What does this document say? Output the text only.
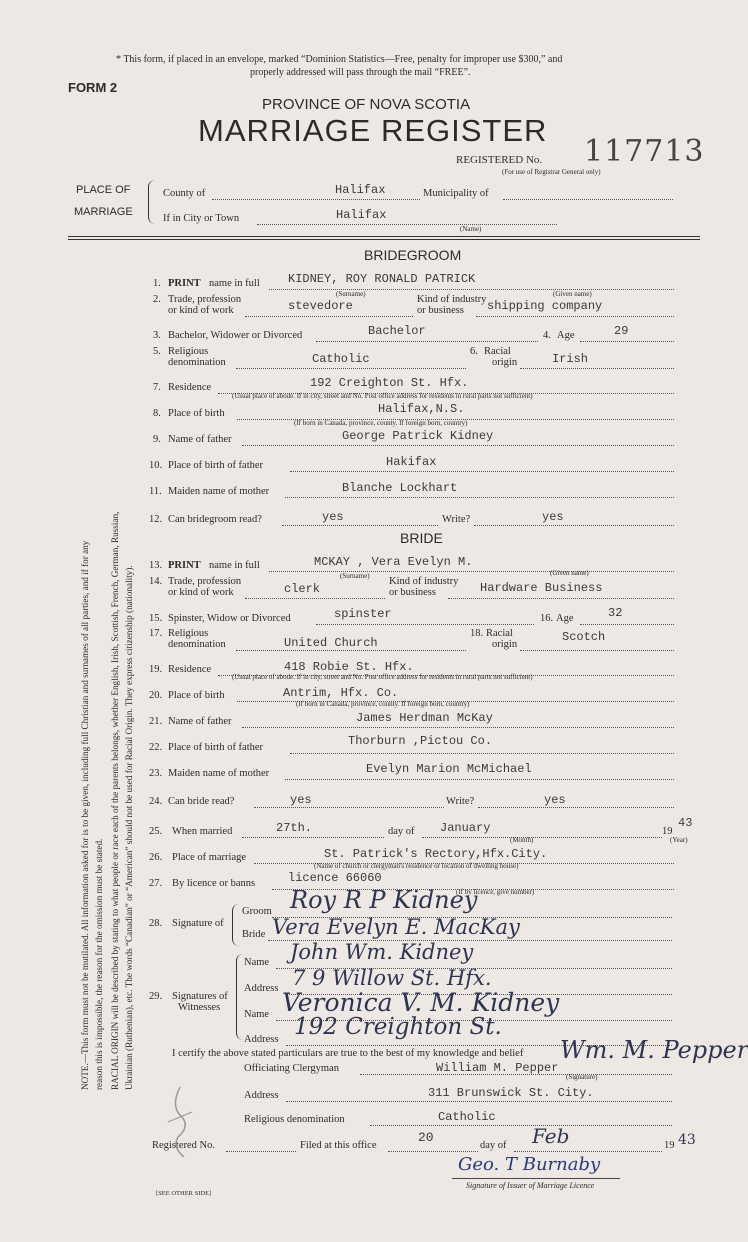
* This form, if placed in an envelope, marked “Dominion Statistics—Free, penalty for improper use $300,” and
properly addressed will pass through the mail “FREE”.
FORM 2
PROVINCE OF NOVA SCOTIA
MARRIAGE REGISTER
REGISTERED No. 117713
(For use of Registrar General only)
PLACE OF
MARRIAGE
County of	Halifax	Municipality of
If in City or Town	Halifax
(Name)
BRIDEGROOM
1. PRINT name in full KIDNEY, ROY RONALD PATRICK
(Surname)	(Given name)
2. Trade, profession
or kind of work	stevedore	Kind of industry
or business shipping company
3. Bachelor, Widower or Divorced	Bachelor	4. Age	29
5. Religious
denomination	Catholic
6. Racial
origin	Irish
7. Residence	192 Creighton St. Hfx.
(Usual place of abode. If in city, street and No. Post office address for residents in rural parts not sufficient)
8. Place of birth	Halifax,N.S.
(If born in Canada, province, county. If foreign born, country)
9. Name of father	George Patrick Kidney
10. Place of birth of father	Hakifax
11. Maiden name of mother	Blanche Lockhart
12. Can bridegroom read?	yes	Write?	yes
BRIDE
13. PRINT name in full	MCKAY , Vera Evelyn M.
(Surname)	(Given name)
14. Trade, profession
or kind of work	clerk
Kind of industry
or business	Hardware Business
15. Spinster, Widow or Divorced	spinster	16. Age	32
17. Religious
denomination	United Church
18. Racial
origin
Scotch
19. Residence	418 Robie St. Hfx.
(Usual place of abode. If in city, street and No. Post office address for residents in rural parts not sufficient)
20. Place of birth	Antrim, Hfx. Co.
(If born in Canada, province, county. If foreign born, country)
21. Name of father	James Herdman McKay
22. Place of birth of father	Thorburn ,Pictou Co.
23. Maiden name of mother	Evelyn Marion McMichael
24. Can bride read?	yes	Write?	yes
25. When married	27th.	day of January
(Month)
19
43
(Year)
26. Place of marriage	St. Patrick's Rectory,Hfx.City.
(Name of church or clergyman's residence or location of dwelling house)
27. By licence or banns	licence 66060
(If by licence, give number)
28. Signature of
Groom Roy R P Kidney
Bride Vera Evelyn E. MacKay
29. Signatures of
Witnesses
Name John Wm. Kidney
Address 7 9 Willow St. Hfx.
Name Veronica V. M. Kidney
Address 192 Creighton St.
I certify the above stated particulars are true to the best of my knowledge and belief Wm. M. Pepper
Officiating Clergyman	William M. Pepper
(Signature)
Address	311 Brunswick St. City.
Religious denomination	Catholic
Registered No.	Filed at this office
20
day of Feb	19 43
Geo. T Burnaby
Signature of Issuer of Marriage Licence
[SEE OTHER SIDE]
NOTE.—This form must not be mutilated. All information asked for is to be given, including full Christian and surnames of all parties, and if for any reason this is impossible, the reason for the omission must be stated. RACIAL ORIGIN will be described by stating to what people or race each of the parents belongs, whether English, Irish, Scottish, French, German, Russian, Ukrainian (Ruthenian), etc. The words “Canadian” or “American” should not be used for Racial Origin. They express citizenship (nationality).
